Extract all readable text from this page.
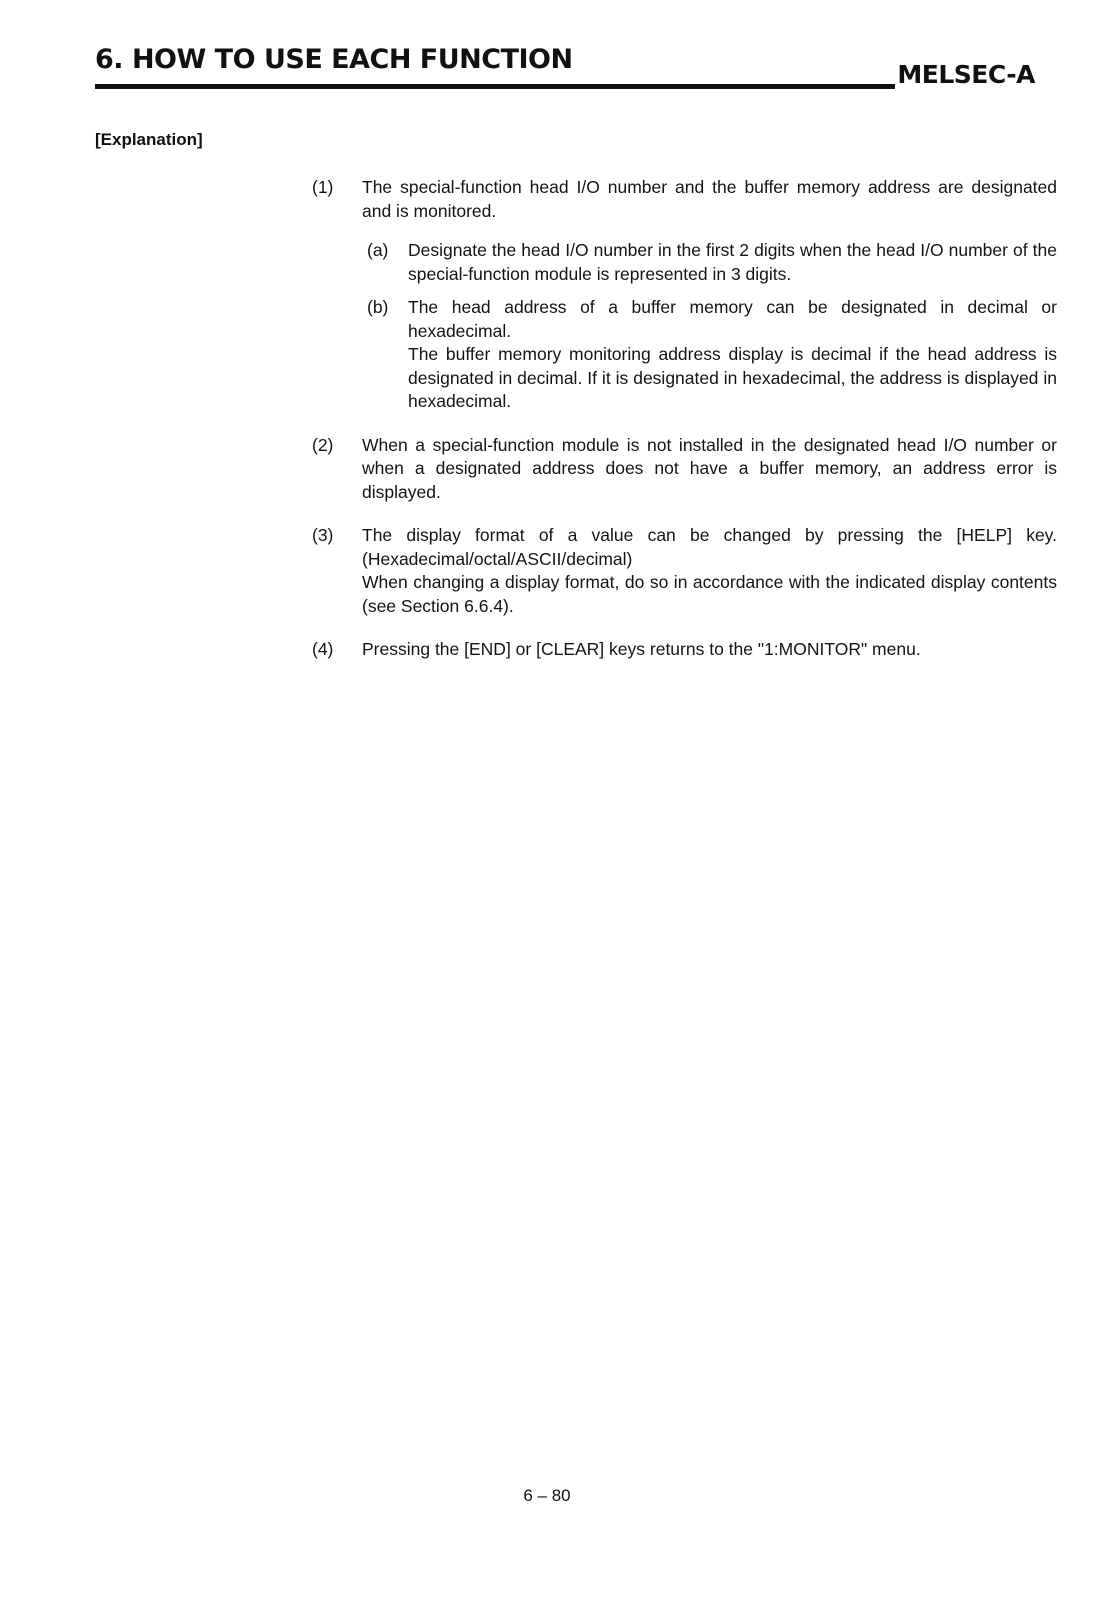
6. HOW TO USE EACH FUNCTION	MELSEC-A
[Explanation]
(1)	The special-function head I/O number and the buffer memory address are designated and is monitored.

(a)	Designate the head I/O number in the first 2 digits when the head I/O number of the special-function module is represented in 3 digits.

(b)	The head address of a buffer memory can be designated in decimal or hexadecimal.

The buffer memory monitoring address display is decimal if the head address is designated in decimal. If it is designated in hexadecimal, the address is displayed in hexadecimal.

(2)	When a special-function module is not installed in the designated head I/O number or when a designated address does not have a buffer memory, an address error is displayed.

(3)	The display format of a value can be changed by pressing the [HELP] key. (Hexadecimal/octal/ASCII/decimal)

When changing a display format, do so in accordance with the indicated display contents (see Section 6.6.4).

(4)	Pressing the [END] or [CLEAR] keys returns to the "1:MONITOR" menu.

6 – 80
